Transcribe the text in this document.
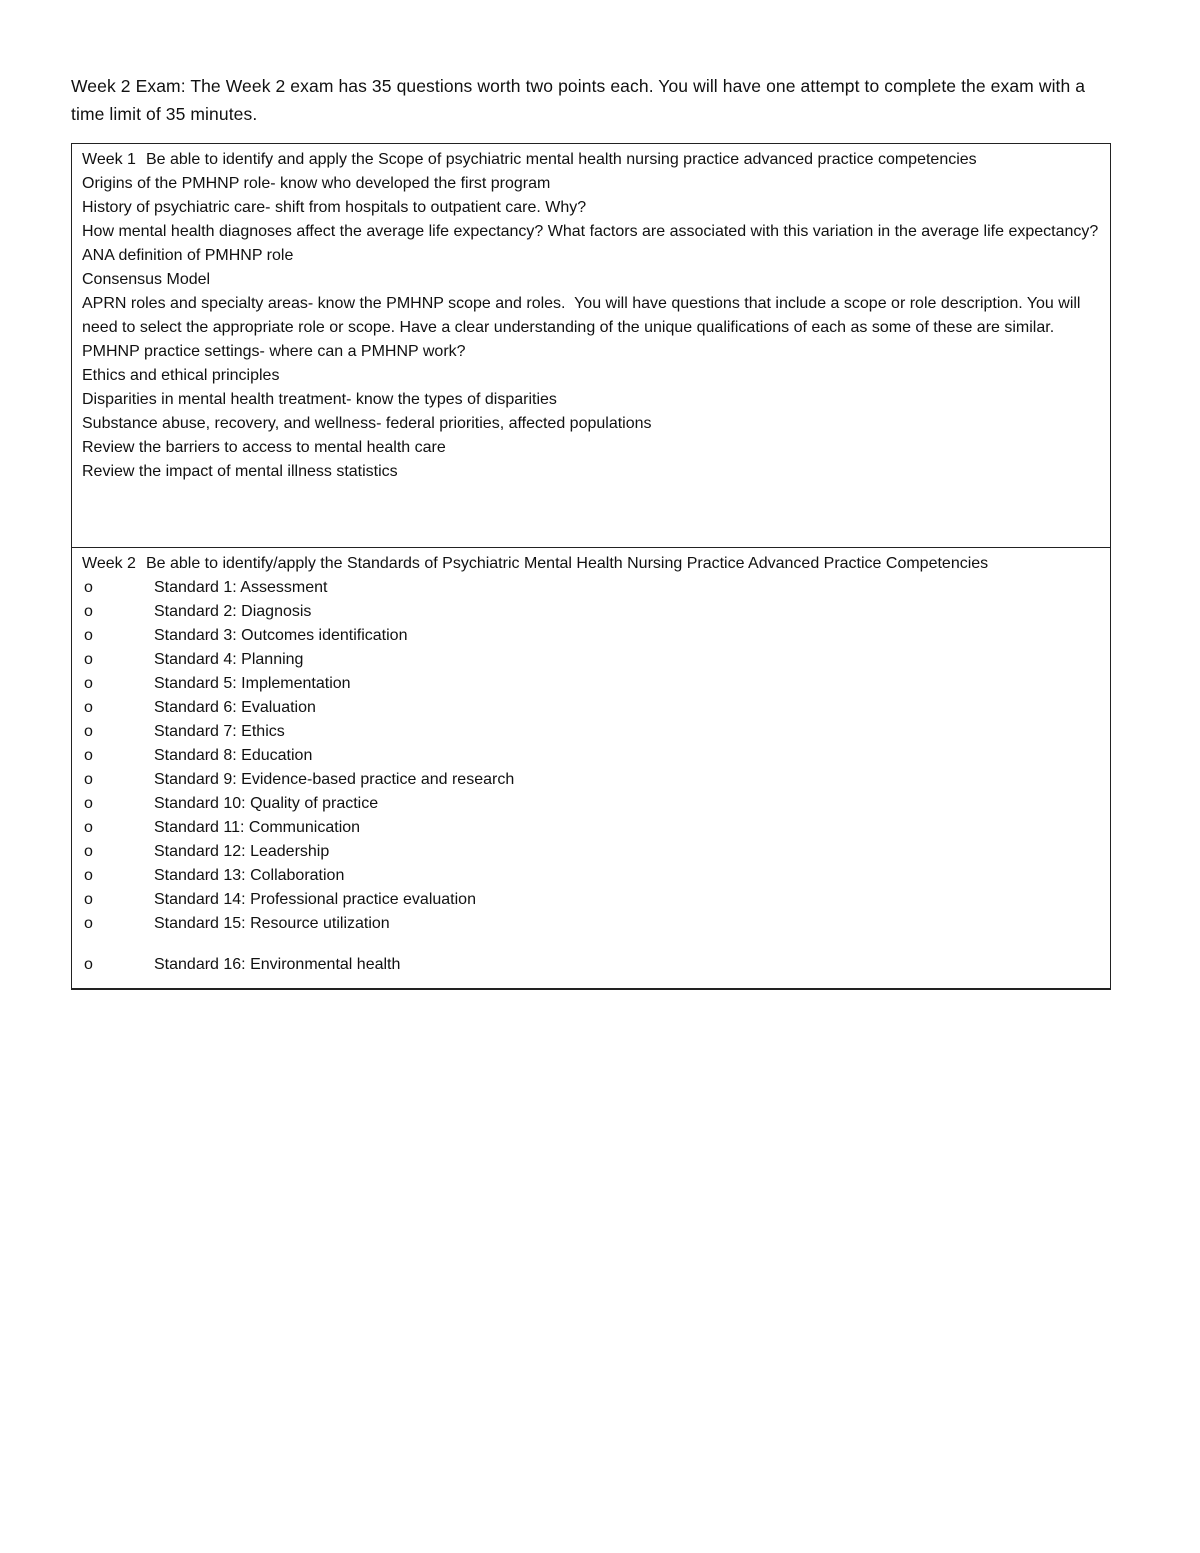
Week 2 Exam: The Week 2 exam has 35 questions worth two points each. You will have one attempt to complete the exam with a time limit of 35 minutes.
Week 1 Be able to identify and apply the Scope of psychiatric mental health nursing practice advanced practice competencies
Origins of the PMHNP role- know who developed the first program
History of psychiatric care- shift from hospitals to outpatient care. Why?
How mental health diagnoses affect the average life expectancy? What factors are associated with this variation in the average life expectancy?
ANA definition of PMHNP role
Consensus Model
APRN roles and specialty areas- know the PMHNP scope and roles.  You will have questions that include a scope or role description. You will need to select the appropriate role or scope. Have a clear understanding of the unique qualifications of each as some of these are similar.
PMHNP practice settings- where can a PMHNP work?
Ethics and ethical principles
Disparities in mental health treatment- know the types of disparities
Substance abuse, recovery, and wellness- federal priorities, affected populations
Review the barriers to access to mental health care
Review the impact of mental illness statistics
Week 2 Be able to identify/apply the Standards of Psychiatric Mental Health Nursing Practice Advanced Practice Competencies
o	Standard 1: Assessment
o	Standard 2: Diagnosis
o	Standard 3: Outcomes identification
o	Standard 4: Planning
o	Standard 5: Implementation
o	Standard 6: Evaluation
o	Standard 7: Ethics
o	Standard 8: Education
o	Standard 9: Evidence-based practice and research
o	Standard 10: Quality of practice
o	Standard 11: Communication
o	Standard 12: Leadership
o	Standard 13: Collaboration
o	Standard 14: Professional practice evaluation
o	Standard 15: Resource utilization
o	Standard 16: Environmental health
